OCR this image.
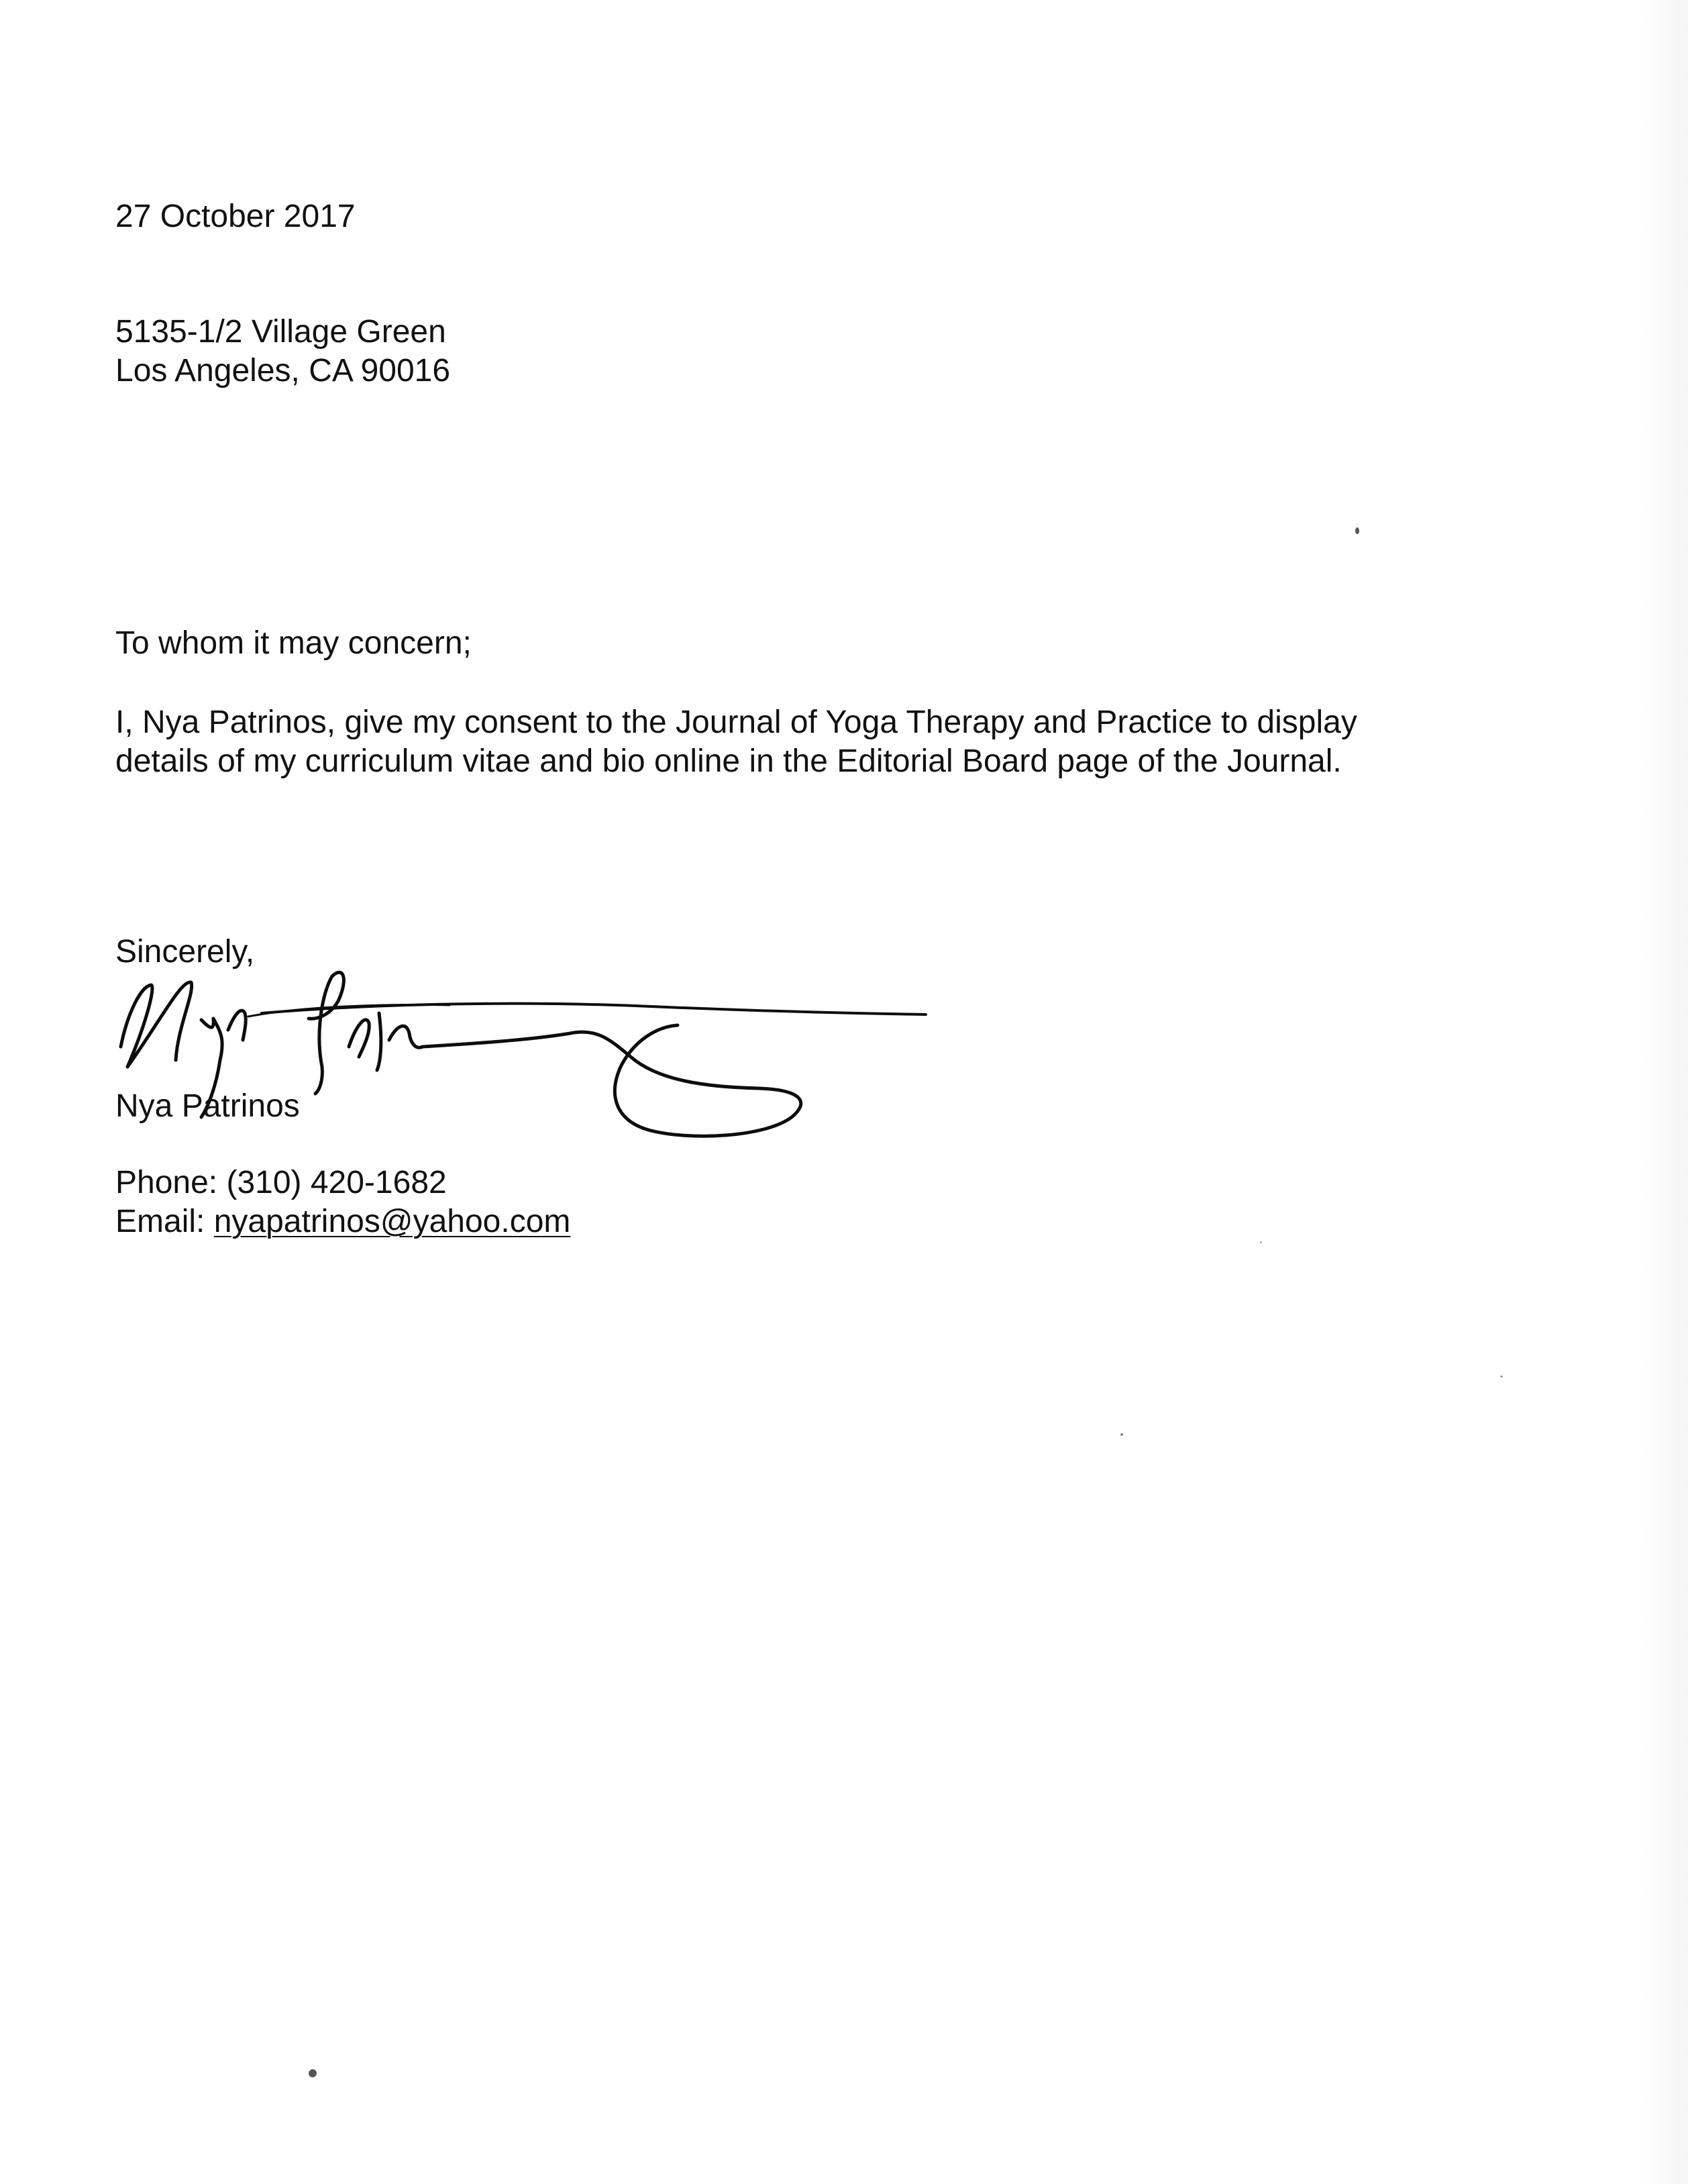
27 October 2017
5135-1/2 Village Green
Los Angeles, CA 90016
To whom it may concern;
I, Nya Patrinos, give my consent to the Journal of Yoga Therapy and Practice to display
details of my curriculum vitae and bio online in the Editorial Board page of the Journal.
Sincerely,
Nya Patrinos
Phone: (310) 420-1682
Email: nyapatrinos@yahoo.com
